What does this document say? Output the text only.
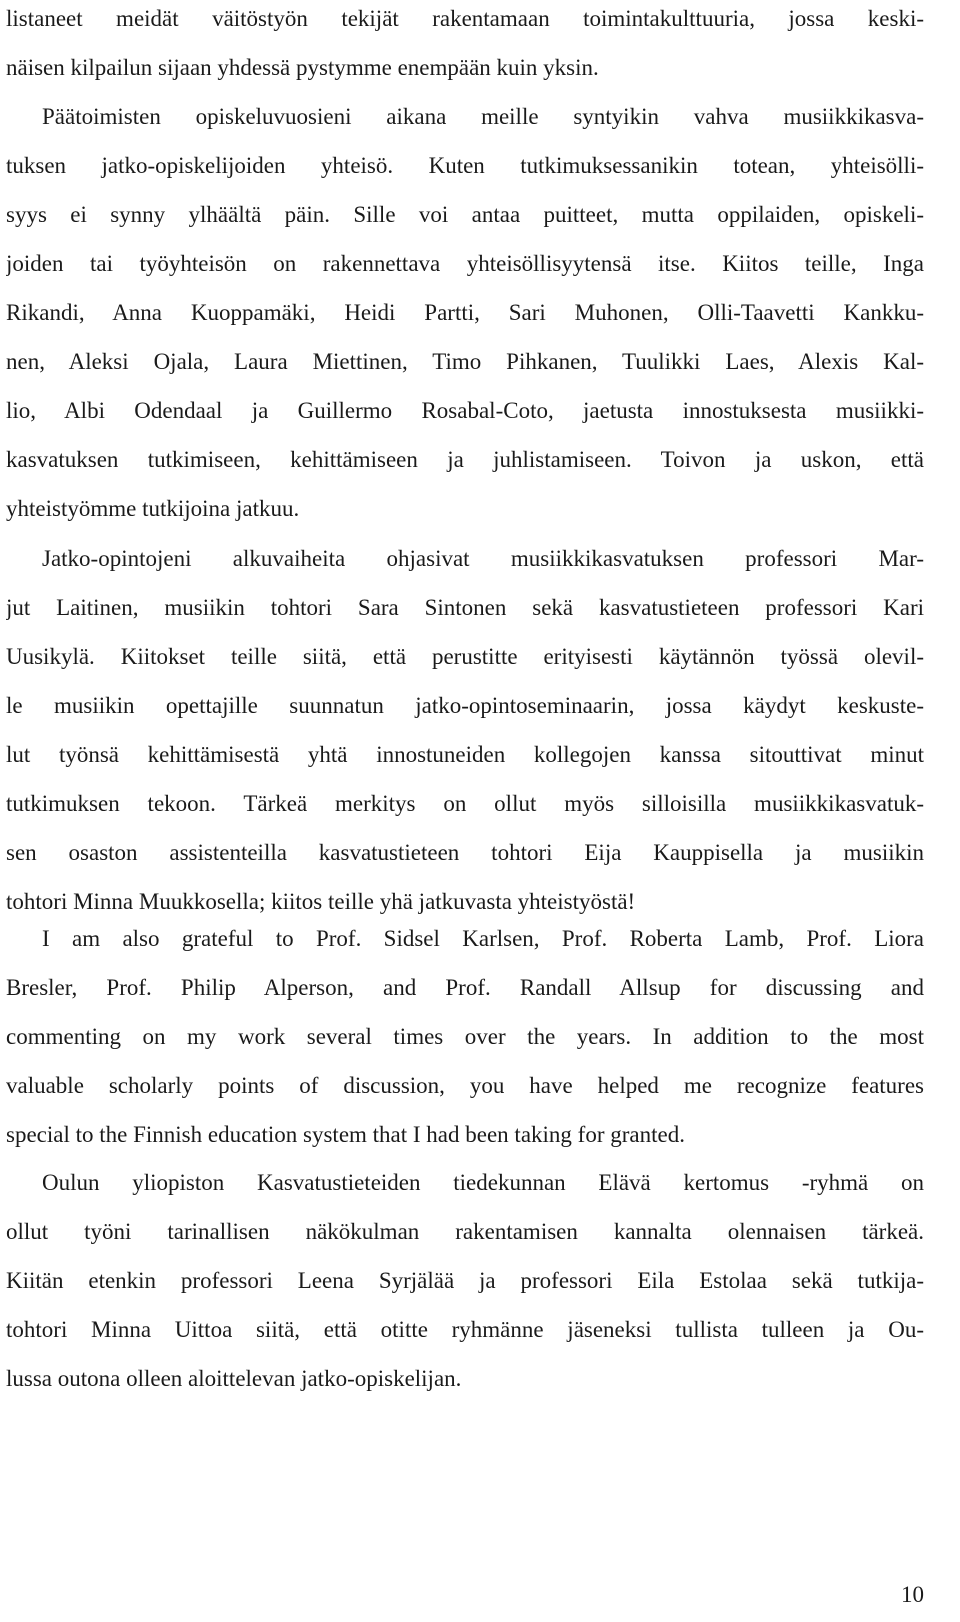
listaneet meidät väitöstyön tekijät rakentamaan toimintakulttuuria, jossa keski-
näisen kilpailun sijaan yhdessä pystymme enempään kuin yksin.
Päätoimisten opiskeluvuosieni aikana meille syntyikin vahva musiikkikasva-
tuksen jatko-opiskelijoiden yhteisö. Kuten tutkimuksessanikin totean, yhteisölli-
syys ei synny ylhäältä päin. Sille voi antaa puitteet, mutta oppilaiden, opiskeli-
joiden tai työyhteisön on rakennettava yhteisöllisyytensä itse. Kiitos teille, Inga
Rikandi, Anna Kuoppamäki, Heidi Partti, Sari Muhonen, Olli-Taavetti Kankku-
nen, Aleksi Ojala, Laura Miettinen, Timo Pihkanen, Tuulikki Laes, Alexis Kal-
lio, Albi Odendaal ja Guillermo Rosabal-Coto, jaetusta innostuksesta musiikki-
kasvatuksen tutkimiseen, kehittämiseen ja juhlistamiseen. Toivon ja uskon, että
yhteistyömme tutkijoina jatkuu.
Jatko-opintojeni alkuvaiheita ohjasivat musiikkikasvatuksen professori Mar-
jut Laitinen, musiikin tohtori Sara Sintonen sekä kasvatustieteen professori Kari
Uusikylä. Kiitokset teille siitä, että perustitte erityisesti käytännön työssä olevil-
le musiikin opettajille suunnatun jatko-opintoseminaarin, jossa käydyt keskuste-
lut työnsä kehittämisestä yhtä innostuneiden kollegojen kanssa sitouttivat minut
tutkimuksen tekoon. Tärkeä merkitys on ollut myös silloisilla musiikkikasvatuk-
sen osaston assistenteilla kasvatustieteen tohtori Eija Kauppisella ja musiikin
tohtori Minna Muukkosella; kiitos teille yhä jatkuvasta yhteistyöstä!
I am also grateful to Prof. Sidsel Karlsen, Prof. Roberta Lamb, Prof. Liora
Bresler, Prof. Philip Alperson, and Prof. Randall Allsup for discussing and
commenting on my work several times over the years. In addition to the most
valuable scholarly points of discussion, you have helped me recognize features
special to the Finnish education system that I had been taking for granted.
Oulun yliopiston Kasvatustieteiden tiedekunnan Elävä kertomus -ryhmä on
ollut työni tarinallisen näkökulman rakentamisen kannalta olennaisen tärkeä.
Kiitän etenkin professori Leena Syrjälää ja professori Eila Estolaa sekä tutkija-
tohtori Minna Uittoa siitä, että otitte ryhmänne jäseneksi tullista tulleen ja Ou-
lussa outona olleen aloittelevan jatko-opiskelijan.
10
